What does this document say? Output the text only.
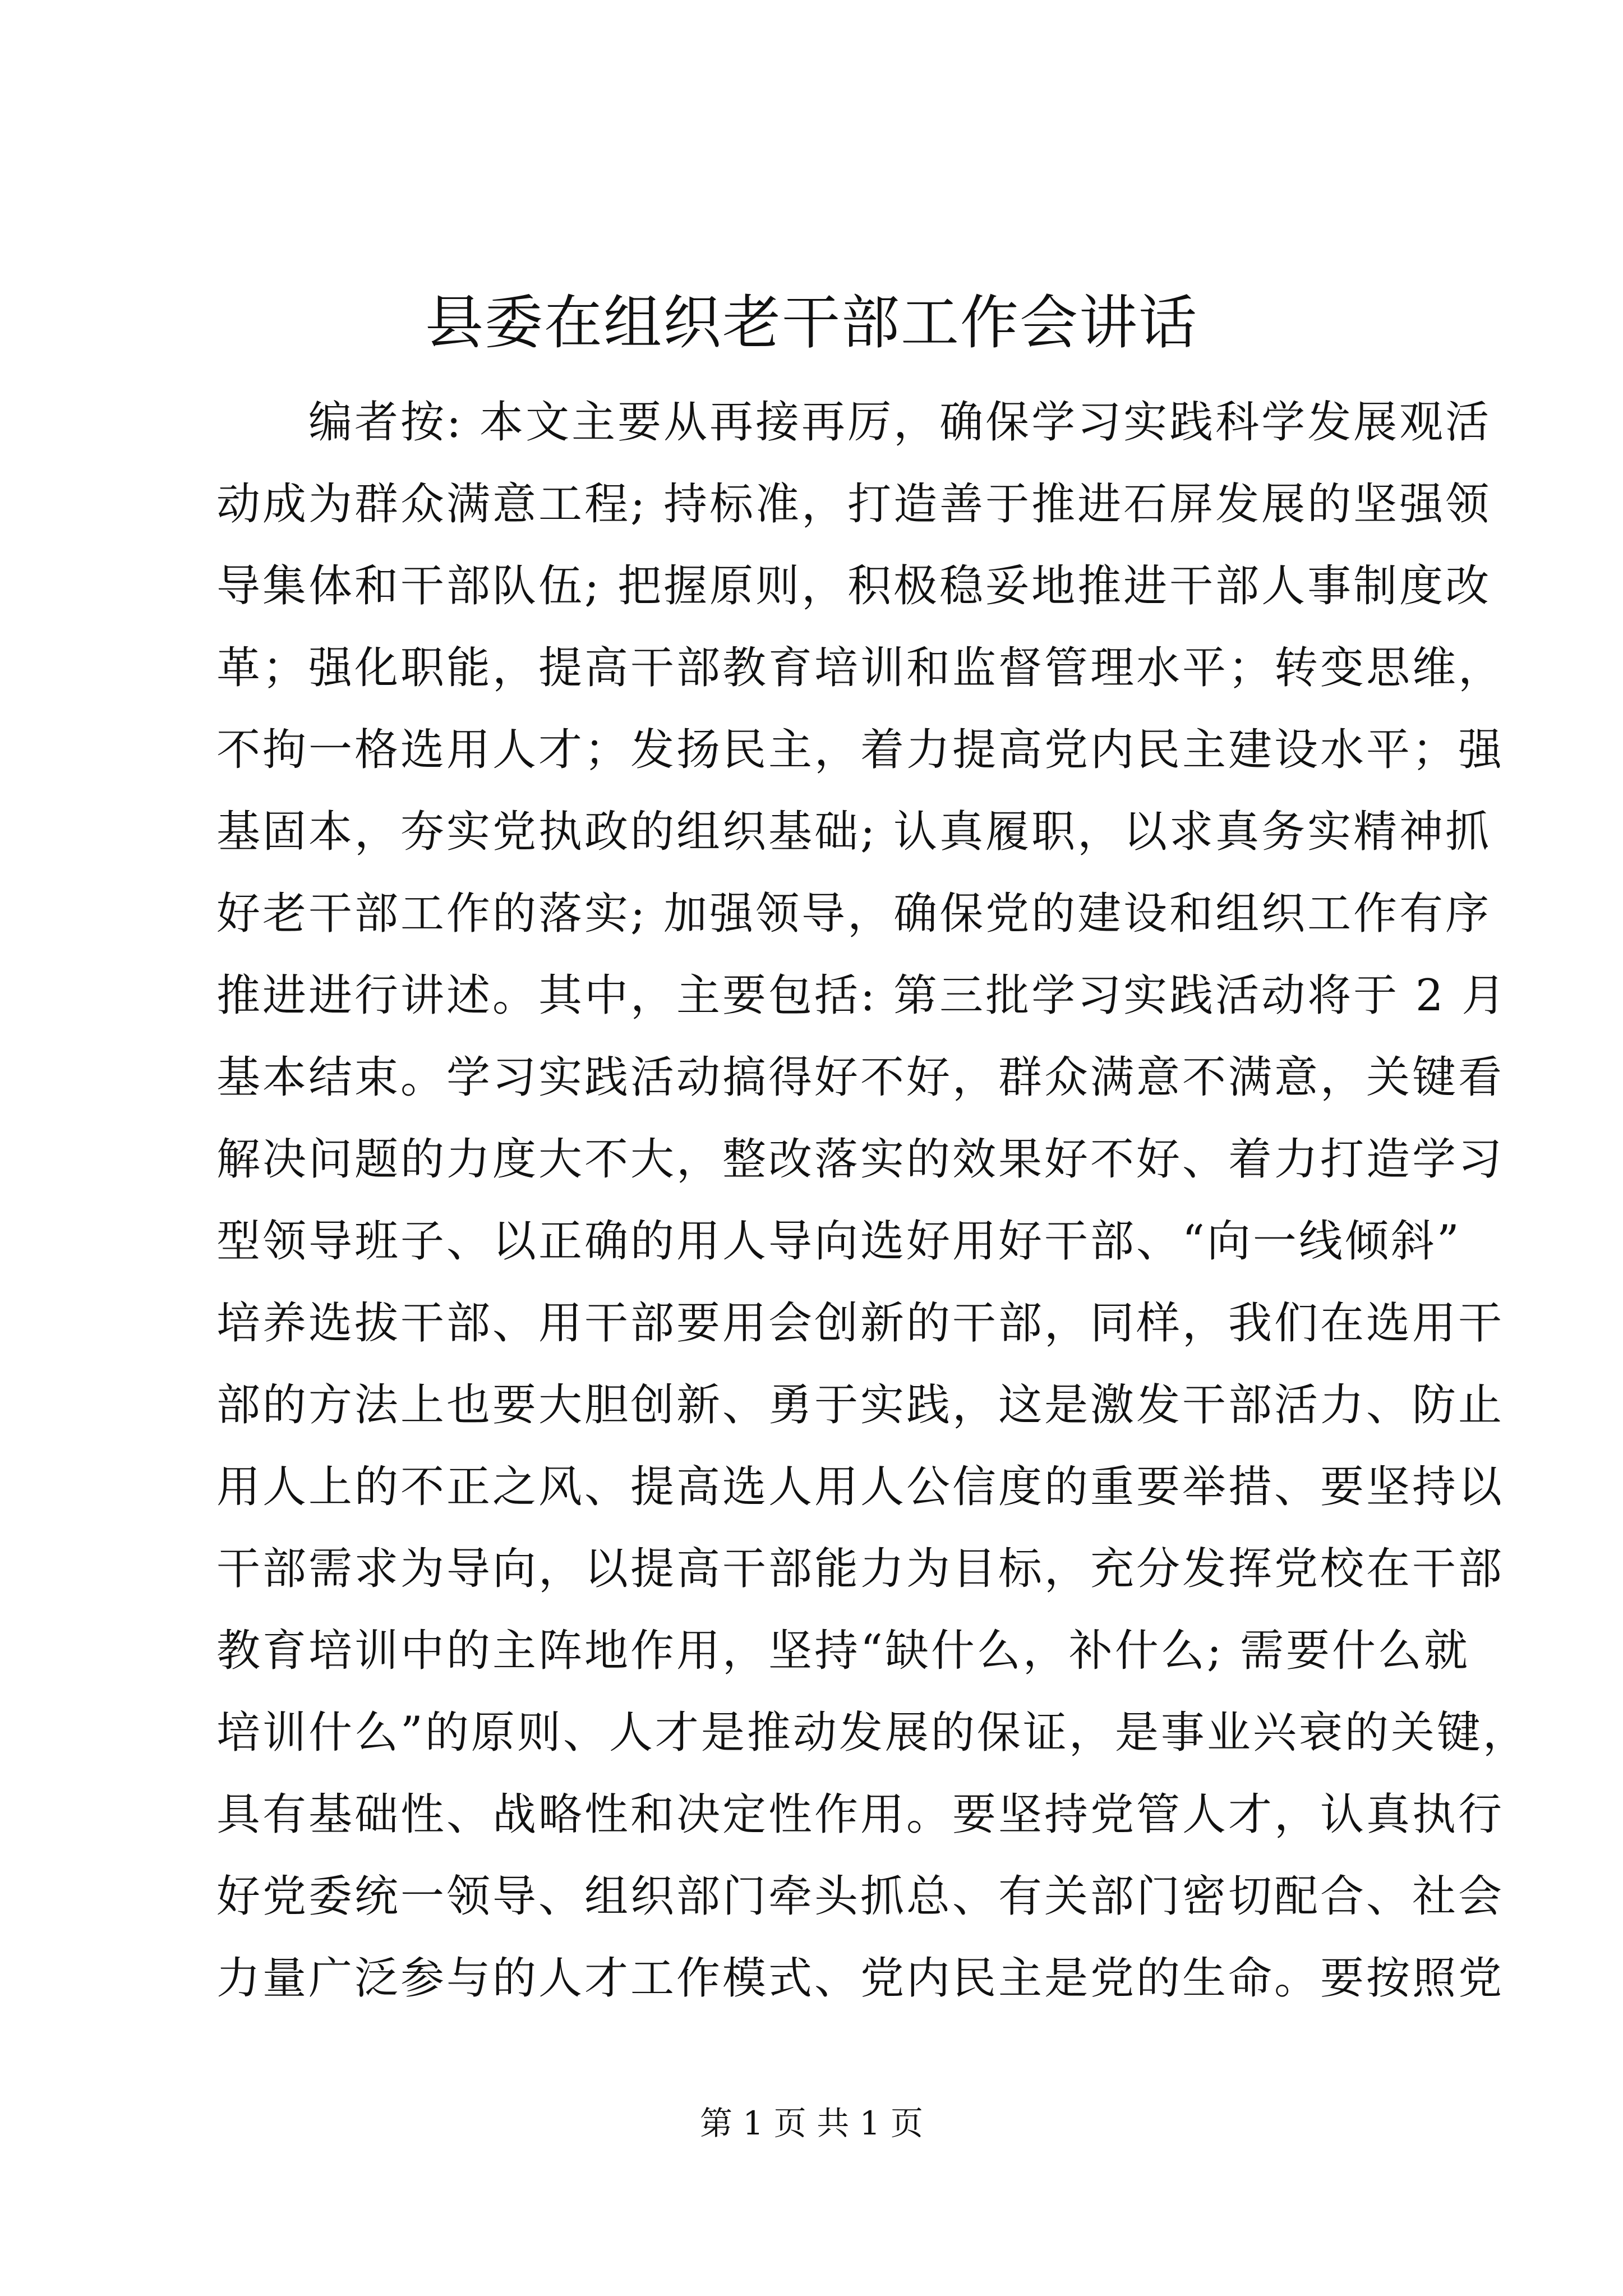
县委在组织老干部工作会讲话
编者按: 本文主要从再接再厉，确保学习实践科学发展观活
动成为群众满意工程; 持标准，打造善于推进石屏发展的坚强领
导集体和干部队伍; 把握原则，积极稳妥地推进干部人事制度改
革；强化职能，提高干部教育培训和监督管理水平；转变思维，
不拘一格选用人才；发扬民主，着力提高党内民主建设水平；强
基固本，夯实党执政的组织基础; 认真履职，以求真务实精神抓
好老干部工作的落实; 加强领导，确保党的建设和组织工作有序
推进进行讲述。其中，主要包括: 第三批学习实践活动将于 2 月
基本结束。学习实践活动搞得好不好，群众满意不满意，关键看
解决问题的力度大不大，整改落实的效果好不好、着力打造学习
型领导班子、以正确的用人导向选好用好干部、“向一线倾斜”
培养选拔干部、用干部要用会创新的干部，同样，我们在选用干
部的方法上也要大胆创新、勇于实践，这是激发干部活力、防止
用人上的不正之风、提高选人用人公信度的重要举措、要坚持以
干部需求为导向，以提高干部能力为目标，充分发挥党校在干部
教育培训中的主阵地作用，坚持“缺什么，补什么; 需要什么就
培训什么”的原则、人才是推动发展的保证，是事业兴衰的关键，
具有基础性、战略性和决定性作用。要坚持党管人才，认真执行
好党委统一领导、组织部门牵头抓总、有关部门密切配合、社会
力量广泛参与的人才工作模式、党内民主是党的生命。要按照党
第 1 页 共 1 页
